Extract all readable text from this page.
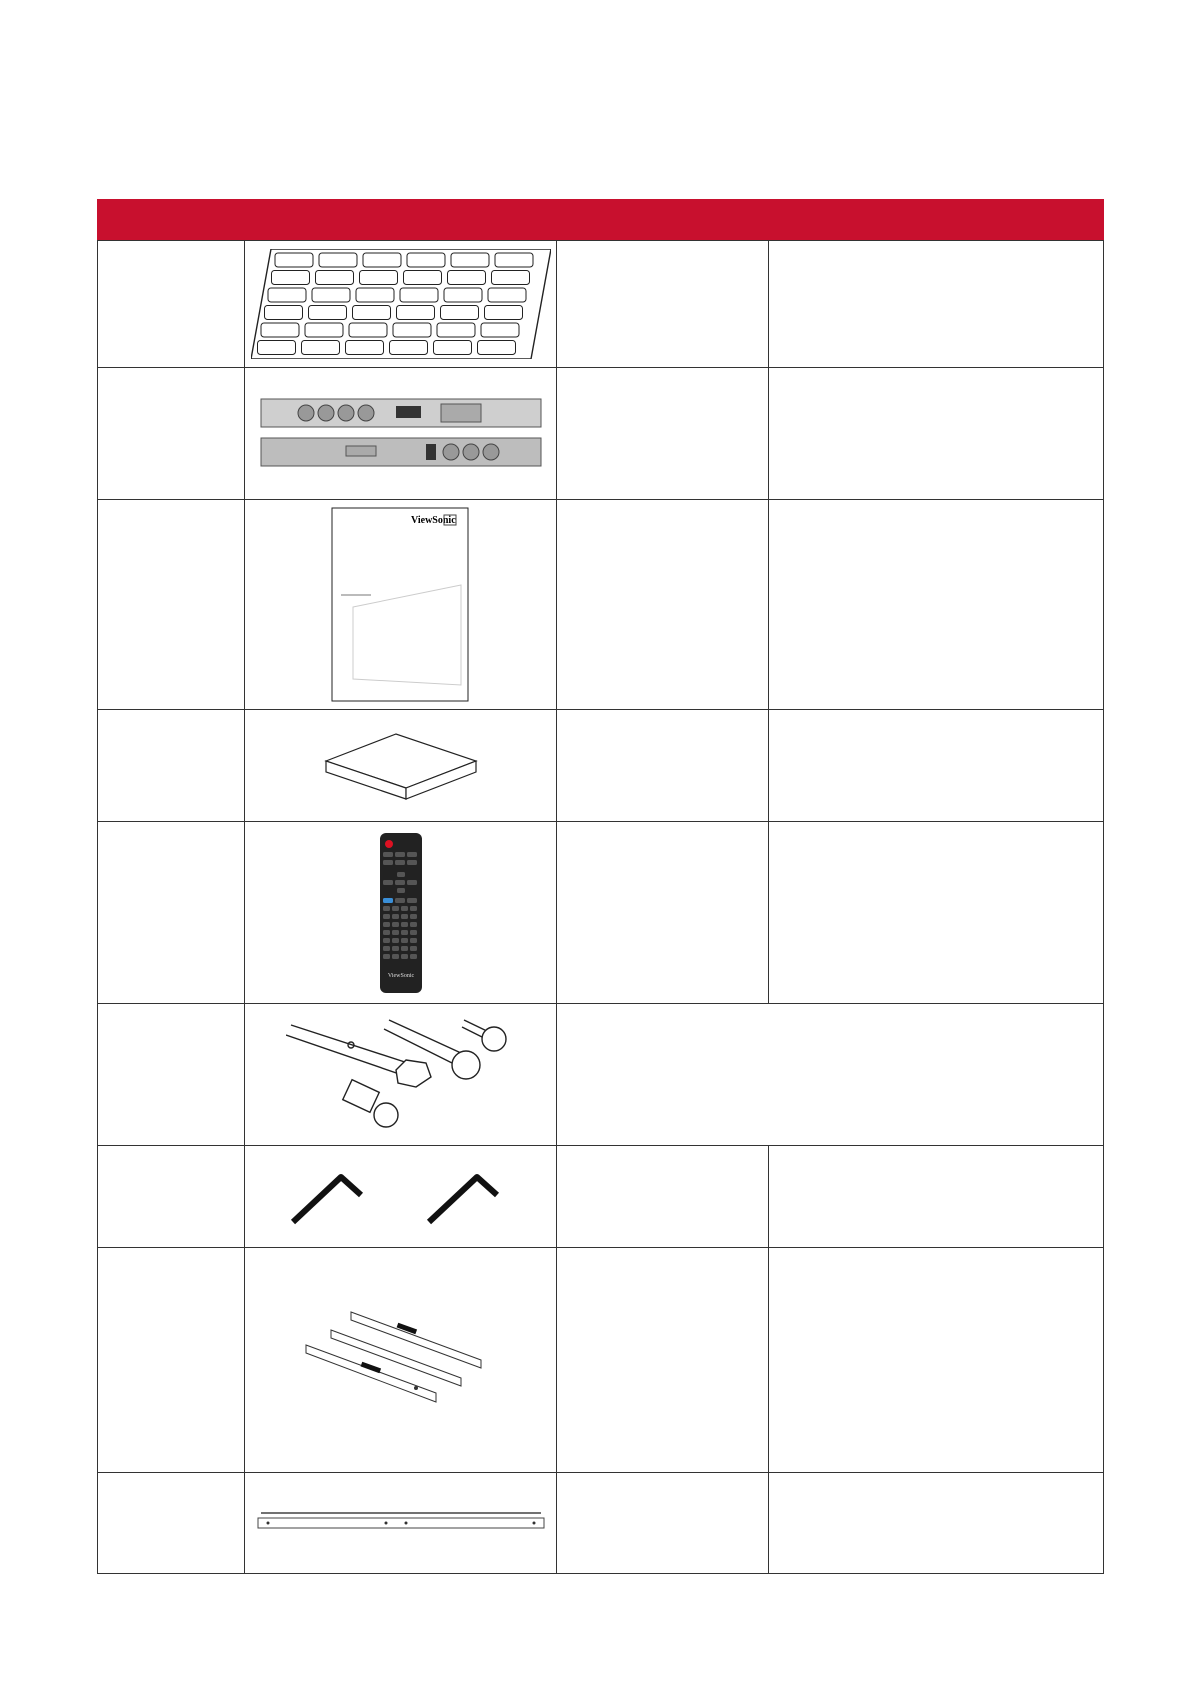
ViewSonic		

ViewSonic		
